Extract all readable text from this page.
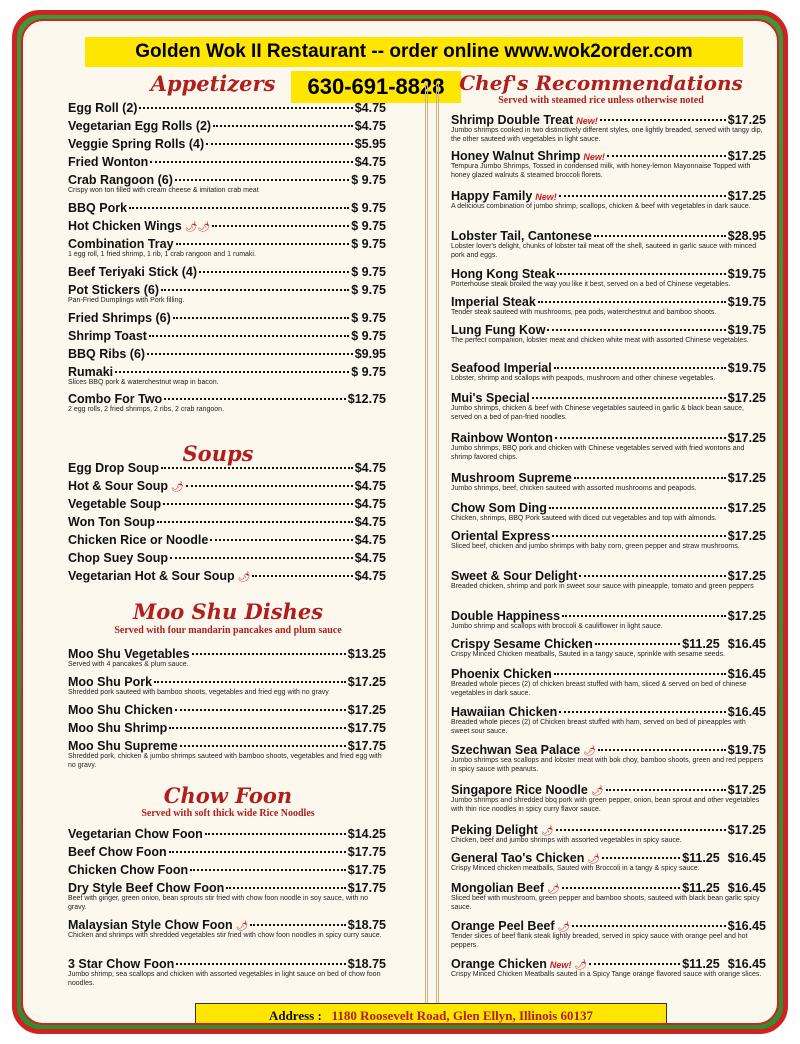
Golden Wok II Restaurant -- order online www.wok2order.com
630-691-8828
Appetizers
Egg Roll (2)	$4.75
Vegetarian Egg Rolls (2)	$4.75
Veggie Spring Rolls (4)	$5.95
Fried Wonton	$4.75
Crab Rangoon (6)	$ 9.75
Crispy won ton filled with cream cheese & imitation crab meat
BBQ Pork	$ 9.75
Hot Chicken Wings 🌶🌶	$ 9.75
Combination Tray	$ 9.75
1 egg roll, 1 fried shrimp, 1 rib, 1 crab rangoon and 1 rumaki.
Beef Teriyaki Stick (4)	$ 9.75
Pot Stickers (6)	$ 9.75
Pan-Fried Dumplings with Pork filling.
Fried Shrimps (6)	$ 9.75
Shrimp Toast	$ 9.75
BBQ Ribs (6)	$9.95
Rumaki	$ 9.75
Slices BBQ pork & waterchestnut wrap in bacon.
Combo For Two	$12.75
2 egg rolls, 2 fried shrimps, 2 ribs, 2 crab rangoon.
Soups
Egg Drop Soup	$4.75
Hot & Sour Soup 🌶	$4.75
Vegetable Soup	$4.75
Won Ton Soup	$4.75
Chicken Rice or Noodle	$4.75
Chop Suey Soup	$4.75
Vegetarian Hot & Sour Soup 🌶	$4.75
Moo Shu Dishes
Served with four mandarin pancakes and plum sauce
Moo Shu Vegetables	$13.25
Served with 4 pancakes & plum sauce.
Moo Shu Pork	$17.25
Shredded pork sauteed with bamboo shoots, vegetables and fried egg with no gravy
Moo Shu Chicken	$17.25
Moo Shu Shrimp	$17.75
Moo Shu Supreme	$17.75
Shredded pork, chicken & jumbo shrimps sauteed with bamboo shoots, vegetables and fried egg with no gravy.
Chow Foon
Served with soft thick wide Rice Noodles
Vegetarian Chow Foon	$14.25
Beef Chow Foon	$17.75
Chicken Chow Foon	$17.75
Dry Style Beef Chow Foon	$17.75
Beef with ginger, green onion, bean sprouts stir fried with chow foon noodle in soy sauce, with no gravy.
Malaysian Style Chow Foon 🌶	$18.75
Chicken and shrimps with shredded vegetables stir fried with chow foon noodles in spicy curry sauce.
3 Star Chow Foon	$18.75
Jumbo shrimp, sea scallops and chicken with assorted vegetables in light sauce on bed of chow foon noodles.
Chef's Recommendations
Served with steamed rice unless otherwise noted
Shrimp Double Treat New!	$17.25
Jumbo shrimps cooked in two distinctively different styles, one lightly breaded, served with tangy dip, the other sauteed with vegetables in light sauce.
Honey Walnut Shrimp New!	$17.25
Tempura Jumbo Shrimps, Tossed in condensed milk, with honey-lemon Mayonnaise Topped with honey glazed walnuts & steamed broccoli florets.
Happy Family New!	$17.25
A delicious combination of jumbo shrimp, scallops, chicken & beef with vegetables in dark sauce.
Lobster Tail, Cantonese	$28.95
Lobster lover's delight, chunks of lobster tail meat off the shell, sauteed in garlic sauce with minced pork and eggs.
Hong Kong Steak	$19.75
Porterhouse steak broiled the way you like it best, served on a bed of Chinese vegetables.
Imperial Steak	$19.75
Tender steak sauteed with mushrooms, pea pods, waterchestnut and bamboo shoots.
Lung Fung Kow	$19.75
The perfect companion, lobster meat and chicken white meat with assorted Chinese vegetables.
Seafood Imperial	$19.75
Lobster, shrimp and scallops with peapods, mushroom and other chinese vegetables.
Mui's Special	$17.25
Jumbo shrimps, chicken & beef with Chinese vegetables sauteed in garlic & black bean sauce, served on a bed of pan-fried noodles.
Rainbow Wonton	$17.25
Jumbo shrimps, BBQ pork and chicken with Chinese vegetables served with fried wontons and shrimp favored chips.
Mushroom Supreme	$17.25
Jumbo shrimps, beef, chicken sauteed with assorted mushrooms and peapods.
Chow Som Ding	$17.25
Chicken, shrimps, BBQ Pork sauteed with diced cut vegetables and top with almonds.
Oriental Express	$17.25
Sliced beef, chicken and jumbo shrimps with baby corn, green pepper and straw mushrooms.
Sweet & Sour Delight	$17.25
Breaded chicken, shrimp and pork in sweet sour sauce with pineapple, tomato and green peppers
Double Happiness	$17.25
Jumbo shrimp and scallops with broccoli & cauliflower in light sauce.
Crispy Sesame Chicken	$11.25 $16.45
Crispy Minced Chicken meatballs, Sauted in a tangy sauce, sprinkle with sesame seeds.
Phoenix Chicken	$16.45
Breaded whole pieces (2) of chicken breast stuffed with ham, sliced & served on bed of chinese vegetables in dark sauce.
Hawaiian Chicken	$16.45
Breaded whole pieces (2) of Chicken breast stuffed with ham, served on bed of pineapples with sweet sour sauce.
Szechwan Sea Palace 🌶	$19.75
Jumbo shrimps sea scallops and lobster meat with bok choy, bamboo shoots, green and red peppers in spicy sauce with peanuts.
Singapore Rice Noodle 🌶	$17.25
Jumbo shrimps and shredded bbq pork with green pepper, onion, bean sprout and other vegetables with thin rice noodles in spicy curry flavor sauce.
Peking Delight 🌶	$17.25
Chicken, beef and jumbo shrimps with assorted vegetables in spicy sauce.
General Tao's Chicken 🌶	$11.25 $16.45
Crispy Minced chicken meatballs, Sauted with Broccoli in a tangy & spicy sauce.
Mongolian Beef 🌶	$11.25 $16.45
Sliced beef with mushroom, green pepper and bamboo shoots, sauteed with black bean garlic spicy sauce.
Orange Peel Beef 🌶	$16.45
Tender slices of beef flank steak lightly breaded, served in spicy sauce with orange peel and hot peppers.
Orange Chicken New! 🌶	$11.25 $16.45
Crispy Minced Chicken Meatballs sauted in a Spicy Tange orange flavored sauce with orange slices.
Address : 1180 Roosevelt Road, Glen Ellyn, Illinois 60137
